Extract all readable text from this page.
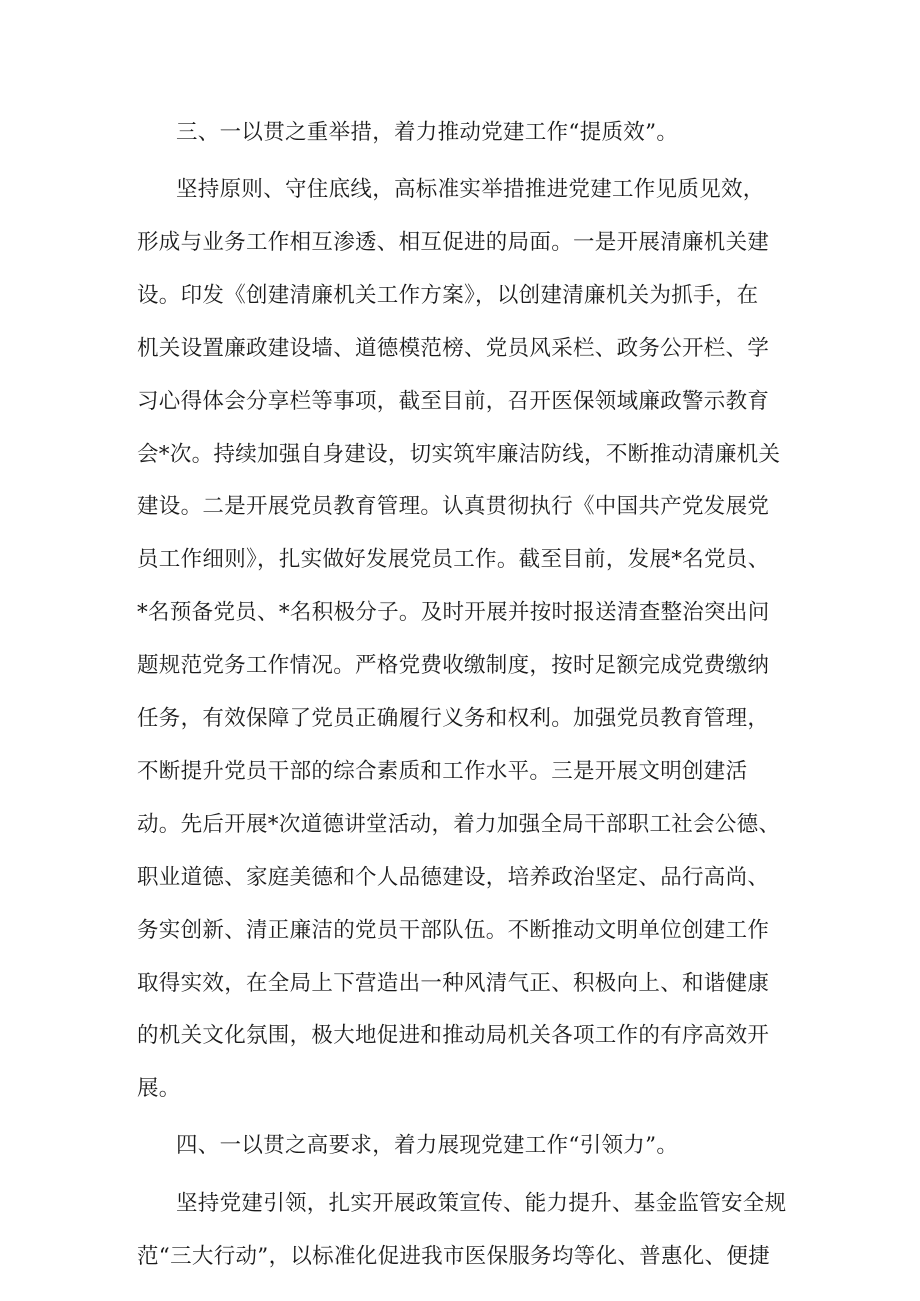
三、一以贯之重举措，着力推动党建工作“提质效”。
坚持原则、守住底线，高标准实举措推进党建工作见质见效，
形成与业务工作相互渗透、相互促进的局面。一是开展清廉机关建
设。印发《创建清廉机关工作方案》，以创建清廉机关为抓手，在
机关设置廉政建设墙、道德模范榜、党员风采栏、政务公开栏、学
习心得体会分享栏等事项，截至目前，召开医保领域廉政警示教育
会*次。持续加强自身建设，切实筑牢廉洁防线，不断推动清廉机关
建设。二是开展党员教育管理。认真贯彻执行《中国共产党发展党
员工作细则》，扎实做好发展党员工作。截至目前，发展*名党员、
*名预备党员、*名积极分子。及时开展并按时报送清查整治突出问
题规范党务工作情况。严格党费收缴制度，按时足额完成党费缴纳
任务，有效保障了党员正确履行义务和权利。加强党员教育管理，
不断提升党员干部的综合素质和工作水平。三是开展文明创建活
动。先后开展*次道德讲堂活动，着力加强全局干部职工社会公德、
职业道德、家庭美德和个人品德建设，培养政治坚定、品行高尚、
务实创新、清正廉洁的党员干部队伍。不断推动文明单位创建工作
取得实效，在全局上下营造出一种风清气正、积极向上、和谐健康
的机关文化氛围，极大地促进和推动局机关各项工作的有序高效开
展。
四、一以贯之高要求，着力展现党建工作“引领力”。
坚持党建引领，扎实开展政策宣传、能力提升、基金监管安全规
范“三大行动”，以标准化促进我市医保服务均等化、普惠化、便捷
